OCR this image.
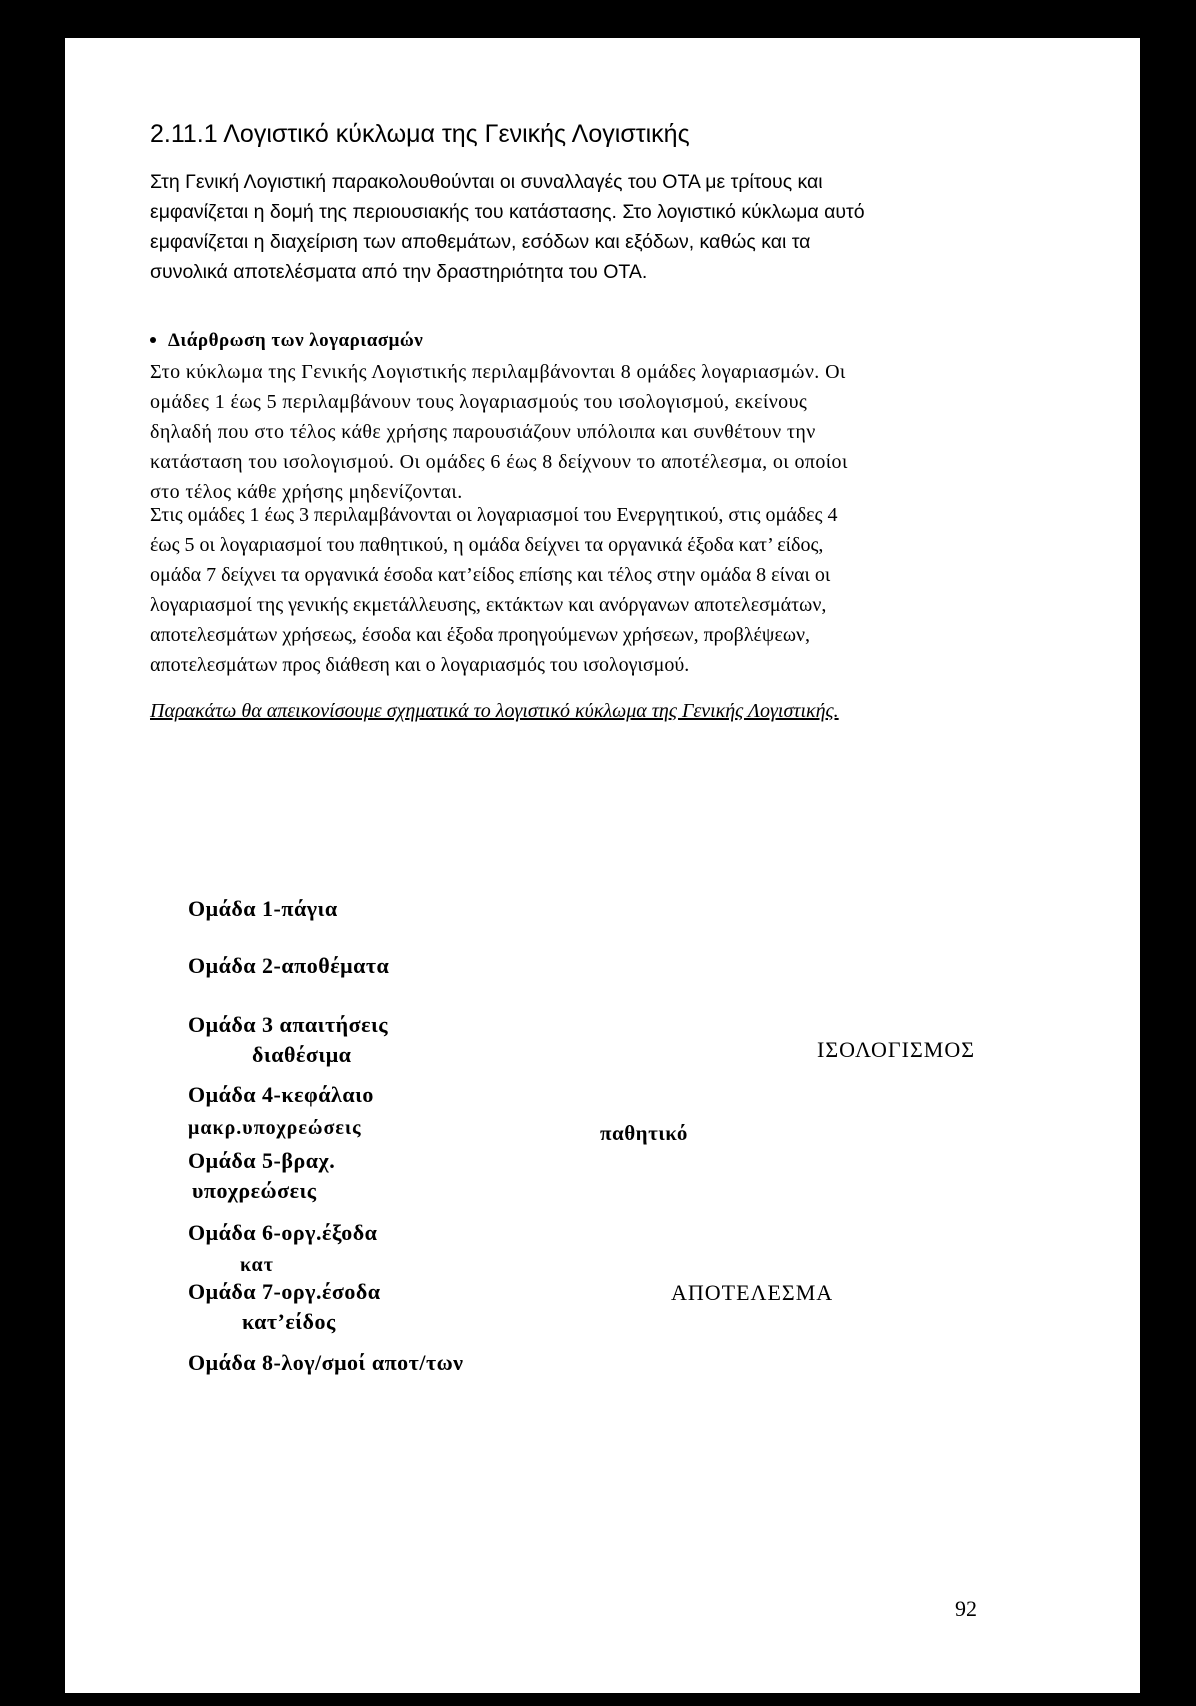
2.11.1 Λογιστικό κύκλωμα της Γενικής Λογιστικής
Στη Γενική Λογιστική παρακολουθούνται οι συναλλαγές του ΟΤΑ με τρίτους και
εμφανίζεται η δομή της περιουσιακής του κατάστασης. Στο λογιστικό κύκλωμα αυτό
εμφανίζεται η διαχείριση των αποθεμάτων, εσόδων και εξόδων, καθώς και τα
συνολικά αποτελέσματα από την δραστηριότητα του ΟΤΑ.
Διάρθρωση των λογαριασμών
Στο κύκλωμα της Γενικής Λογιστικής περιλαμβάνονται 8 ομάδες λογαριασμών. Οι
ομάδες 1 έως 5 περιλαμβάνουν τους λογαριασμούς του ισολογισμού, εκείνους
δηλαδή που στο τέλος κάθε χρήσης παρουσιάζουν υπόλοιπα και συνθέτουν την
κατάσταση του ισολογισμού. Οι ομάδες 6 έως 8 δείχνουν το αποτέλεσμα, οι οποίοι
στο τέλος κάθε χρήσης μηδενίζονται.
Στις ομάδες 1 έως 3 περιλαμβάνονται οι λογαριασμοί του Ενεργητικού, στις ομάδες 4
έως 5 οι λογαριασμοί του παθητικού, η ομάδα δείχνει τα οργανικά έξοδα κατ’ είδος,
ομάδα 7 δείχνει τα οργανικά έσοδα κατ’είδος επίσης και τέλος στην ομάδα 8 είναι οι
λογαριασμοί της γενικής εκμετάλλευσης, εκτάκτων και ανόργανων αποτελεσμάτων,
αποτελεσμάτων χρήσεως, έσοδα και έξοδα προηγούμενων χρήσεων, προβλέψεων,
αποτελεσμάτων προς διάθεση και ο λογαριασμός του ισολογισμού.
Παρακάτω θα απεικονίσουμε σχηματικά το λογιστικό κύκλωμα της Γενικής Λογιστικής.
Ομάδα 1-πάγια
Ομάδα 2-αποθέματα
Ομάδα 3 απαιτήσεις
διαθέσιμα
Ομάδα 4-κεφάλαιο
μακρ.υποχρεώσεις
Ομάδα 5-βραχ.
υποχρεώσεις
Ομάδα 6-οργ.έξοδα
Ομάδα 7-οργ.έσοδα
κατ’είδος
Ομάδα 8-λογ/σμοί αποτ/των
ΙΣΟΛΟΓΙΣΜΟΣ
παθητικό
ΑΠΟΤΕΛΕΣΜΑ
92
